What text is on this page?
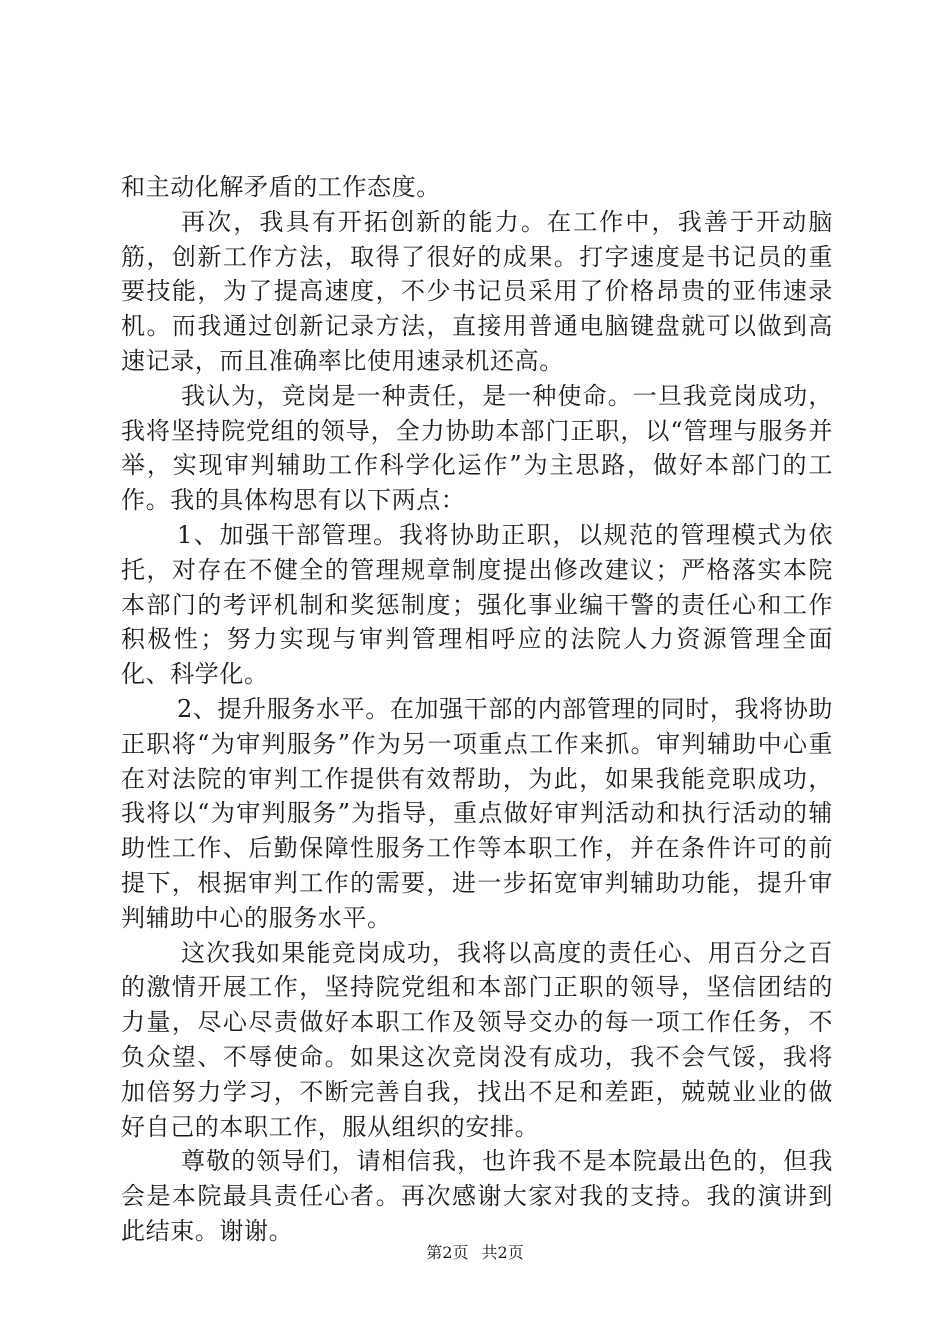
和主动化解矛盾的工作态度。

再次，我具有开拓创新的能力。在工作中，我善于开动脑筋，创新工作方法，取得了很好的成果。打字速度是书记员的重要技能，为了提高速度，不少书记员采用了价格昂贵的亚伟速录机。而我通过创新记录方法，直接用普通电脑键盘就可以做到高速记录，而且准确率比使用速录机还高。

我认为，竞岗是一种责任，是一种使命。一旦我竞岗成功，我将坚持院党组的领导，全力协助本部门正职，以“管理与服务并举，实现审判辅助工作科学化运作”为主思路，做好本部门的工作。我的具体构思有以下两点：

1、加强干部管理。我将协助正职，以规范的管理模式为依托，对存在不健全的管理规章制度提出修改建议；严格落实本院本部门的考评机制和奖惩制度；强化事业编干警的责任心和工作积极性；努力实现与审判管理相呼应的法院人力资源管理全面化、科学化。

2、提升服务水平。在加强干部的内部管理的同时，我将协助正职将“为审判服务”作为另一项重点工作来抓。审判辅助中心重在对法院的审判工作提供有效帮助，为此，如果我能竞职成功，我将以“为审判服务”为指导，重点做好审判活动和执行活动的辅助性工作、后勤保障性服务工作等本职工作，并在条件许可的前提下，根据审判工作的需要，进一步拓宽审判辅助功能，提升审判辅助中心的服务水平。

这次我如果能竞岗成功，我将以高度的责任心、用百分之百的激情开展工作，坚持院党组和本部门正职的领导，坚信团结的力量，尽心尽责做好本职工作及领导交办的每一项工作任务，不负众望、不辱使命。如果这次竞岗没有成功，我不会气馁，我将加倍努力学习，不断完善自我，找出不足和差距，兢兢业业的做好自己的本职工作，服从组织的安排。

尊敬的领导们，请相信我，也许我不是本院最出色的，但我会是本院最具责任心者。再次感谢大家对我的支持。我的演讲到此结束。谢谢。

第2页 共2页
